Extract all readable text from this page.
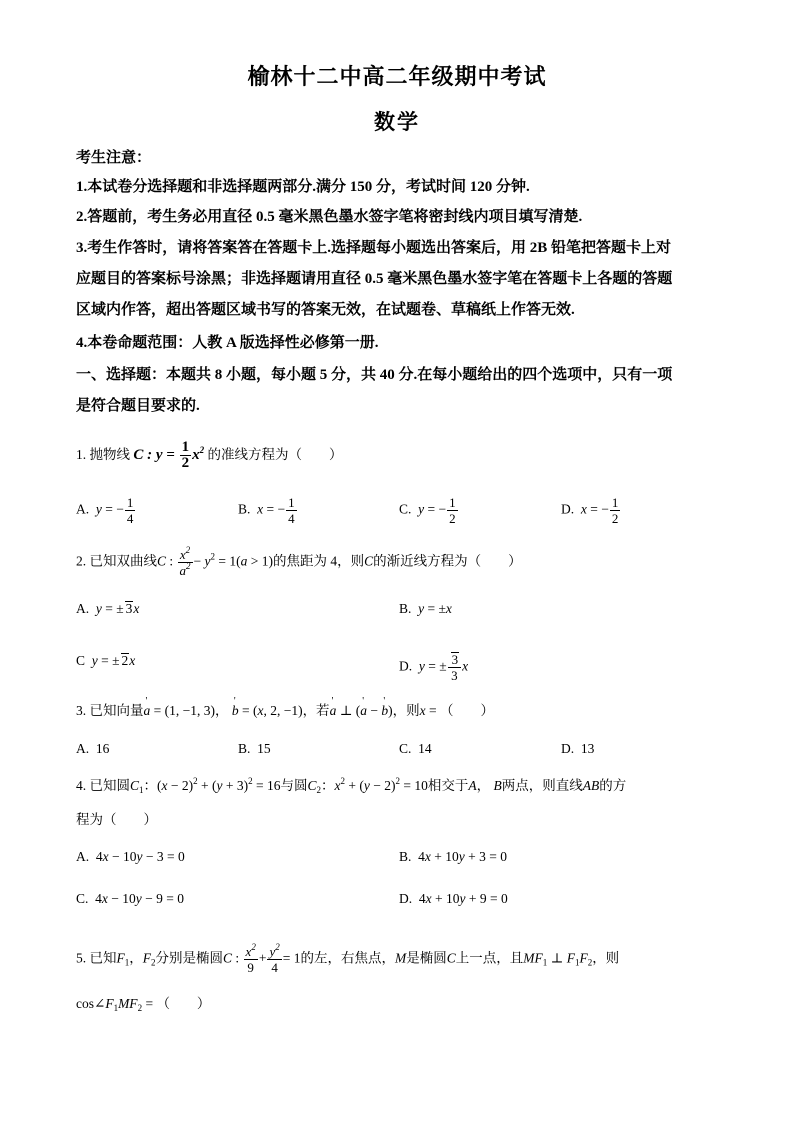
榆林十二中高二年级期中考试
数学
考生注意：
1.本试卷分选择题和非选择题两部分.满分 150 分，考试时间 120 分钟.
2.答题前，考生务必用直径 0.5 毫米黑色墨水签字笔将密封线内项目填写清楚.
3.考生作答时，请将答案答在答题卡上.选择题每小题选出答案后，用 2B 铅笔把答题卡上对
应题目的答案标号涂黑；非选择题请用直径 0.5 毫米黑色墨水签字笔在答题卡上各题的答题
区域内作答，超出答题区域书写的答案无效，在试题卷、草稿纸上作答无效.
4.本卷命题范围：人教 A 版选择性必修第一册.
一、选择题：本题共 8 小题，每小题 5 分，共 40 分.在每小题给出的四个选项中，只有一项
是符合题目要求的.
1. 抛物线 C : $y = \frac{1}{2} x^2$ 的准线方程为（　　）
A. y = − $\frac{1}{4}$	B. x = − $\frac{1}{4}$	C. y = − $\frac{1}{2}$	D. x = − $\frac{1}{2}$
2. 已知双曲线C : $\frac{x^2}{a^2} - y^2 = 1(a > 1)$的焦距为 4，则C的渐近线方程为（　　）
A. y = ± 3x	B. y = ±x
C y = ± 2x	D. y = ± $\frac{3}{3}$ x
3. 已知向量' a = (1, −1, 3)， ' b = (x, 2, −1)，若' a ⊥ (' a − ' b)，则x = （　　）
A. 16	B. 15	C. 14	D. 13
4. 已知圆$C_1$：$(x - 2)^2 + (y + 3)^2 = 16$与圆$C_2$：$x^2 + (y - 2)^2 = 10$相交于A， B两点，则直线AB的方
程为（　　）
A.  4x − 10y − 3 = 0	B.  4x + 10y + 3 = 0
C.  4x − 10y − 9 = 0	D.  4x + 10y + 9 = 0
5. 已知$F_1$，$F_2$分别是椭圆C : $\frac{x^2}{9} + \frac{y^2}{4} = 1$的左，右焦点，M是椭圆C上一点，且$MF_1$ ⊥ $F_1F_2$，则
$\cos\angle F_1MF_2$ = （　　）
